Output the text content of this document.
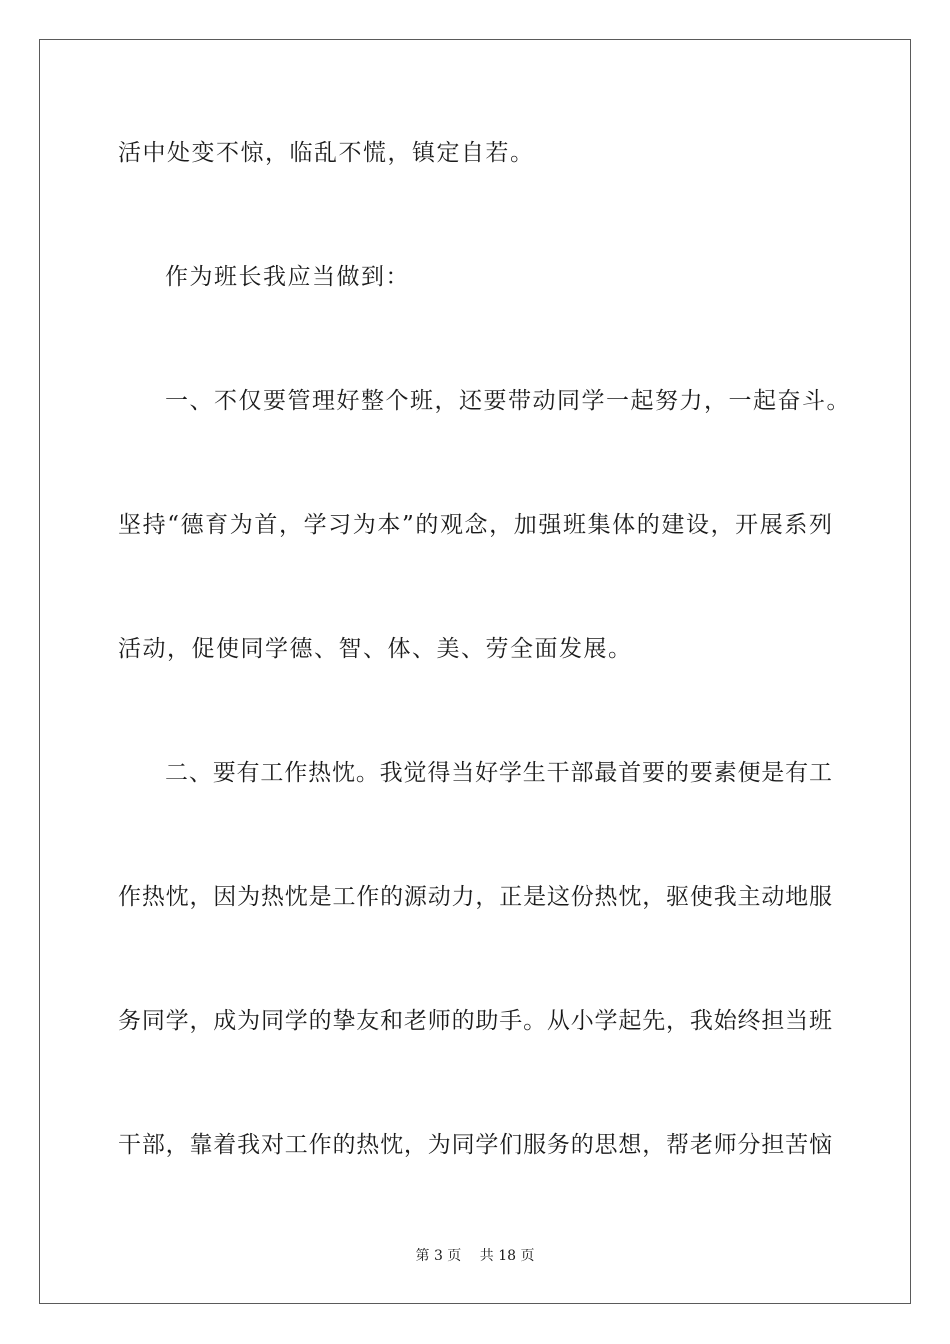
活中处变不惊，临乱不慌，镇定自若。
作为班长我应当做到：
一、不仅要管理好整个班，还要带动同学一起努力，一起奋斗。
坚持“德育为首，学习为本”的观念，加强班集体的建设，开展系列
活动，促使同学德、智、体、美、劳全面发展。
二、要有工作热忱。我觉得当好学生干部最首要的要素便是有工
作热忱，因为热忱是工作的源动力，正是这份热忱，驱使我主动地服
务同学，成为同学的挚友和老师的助手。从小学起先，我始终担当班
干部，靠着我对工作的热忱，为同学们服务的思想，帮老师分担苦恼
第 3 页　 共 18 页
